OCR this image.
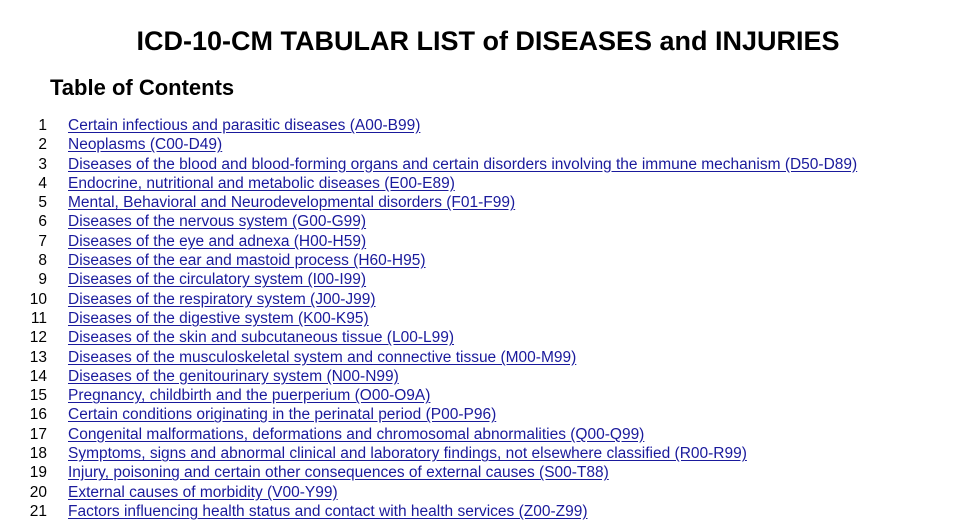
ICD-10-CM TABULAR LIST of DISEASES and INJURIES
Table of Contents
1	Certain infectious and parasitic diseases (A00-B99)
2	Neoplasms (C00-D49)
3	Diseases of the blood and blood-forming organs and certain disorders involving the immune mechanism (D50-D89)
4	Endocrine, nutritional and metabolic diseases (E00-E89)
5	Mental, Behavioral and Neurodevelopmental disorders (F01-F99)
6	Diseases of the nervous system (G00-G99)
7	Diseases of the eye and adnexa (H00-H59)
8	Diseases of the ear and mastoid process (H60-H95)
9	Diseases of the circulatory system (I00-I99)
10	Diseases of the respiratory system (J00-J99)
11	Diseases of the digestive system (K00-K95)
12	Diseases of the skin and subcutaneous tissue (L00-L99)
13	Diseases of the musculoskeletal system and connective tissue (M00-M99)
14	Diseases of the genitourinary system (N00-N99)
15	Pregnancy, childbirth and the puerperium (O00-O9A)
16	Certain conditions originating in the perinatal period (P00-P96)
17	Congenital malformations, deformations and chromosomal abnormalities (Q00-Q99)
18	Symptoms, signs and abnormal clinical and laboratory findings, not elsewhere classified (R00-R99)
19	Injury, poisoning and certain other consequences of external causes (S00-T88)
20	External causes of morbidity (V00-Y99)
21	Factors influencing health status and contact with health services (Z00-Z99)
